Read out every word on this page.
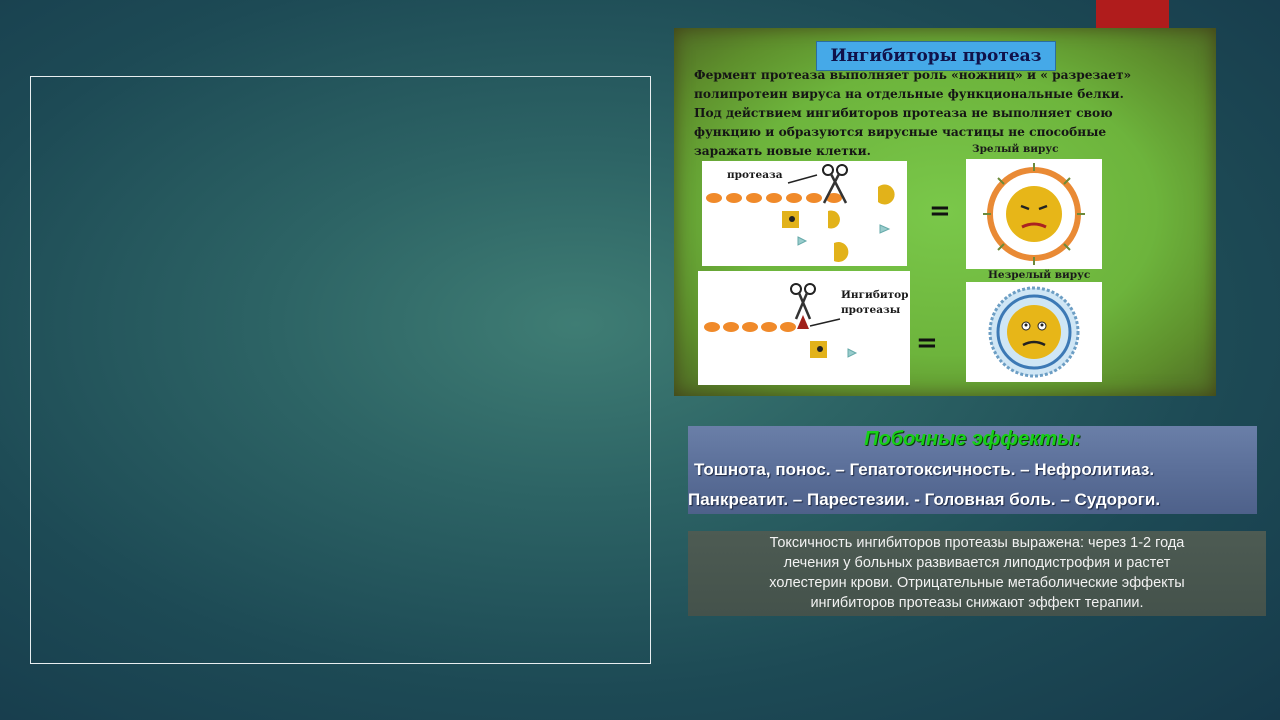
Ингибиторы протеаз

Фермент протеаза выполняет роль «ножниц» и « разрезает»
полипротеин вируса на отдельные функциональные белки.
Под действием ингибиторов протеаза не выполняет свою
функцию и образуются вирусные частицы не способные
заражать новые клетки.

протеаза
Зрелый вирус
=
Ингибитор
протеазы
Незрелый вирус
=
Побочные эффекты:
Тошнота, понос. – Гепатотоксичность. – Нефролитиаз.
Панкреатит. – Парестезии. - Головная боль. – Судороги.
Токсичность ингибиторов протеазы выражена: через 1-2 года
лечения у больных развивается липодистрофия и растет
холестерин крови. Отрицательные метаболические эффекты
ингибиторов протеазы снижают эффект терапии.
